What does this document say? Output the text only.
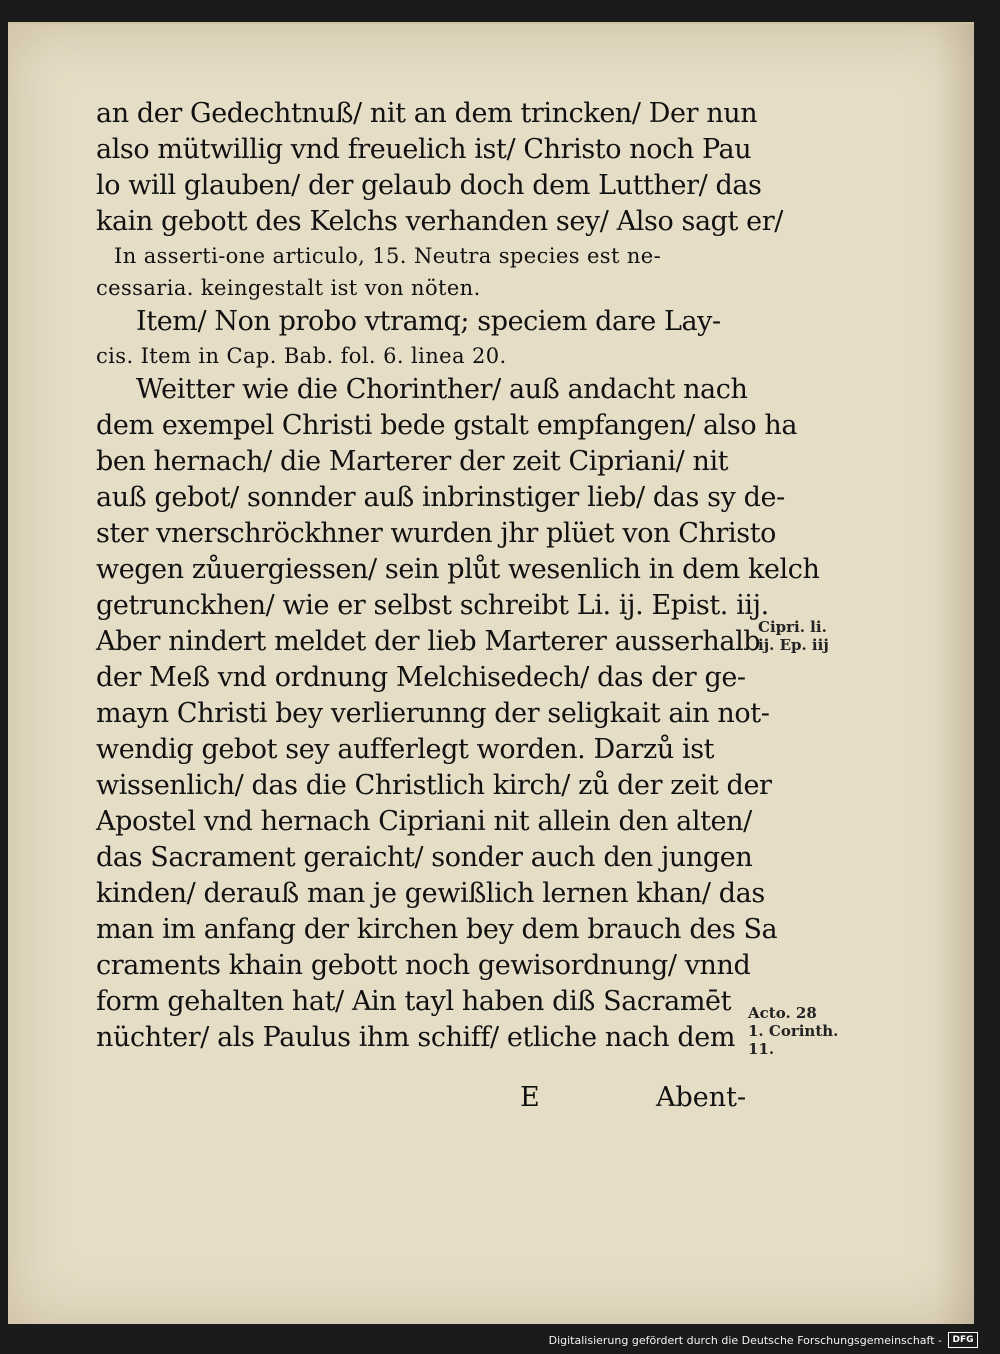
an der Gedechtnuß/ nit an dem trincken/ Der nun
also mütwillig vnd freuelich ist/ Christo noch Pau
lo will glauben/ der gelaub doch dem Lutther/ das
kain gebott des Kelchs verhanden sey/ Also sagt er/
In asserti-one articulo, 15. Neutra species est ne-
cessaria. keingestalt ist von nöten.
Item/ Non probo vtramq; speciem dare Lay-
cis. Item in Cap. Bab. fol. 6. linea 20.
Weitter wie die Chorinther/ auß andacht nach
dem exempel Christi bede gstalt empfangen/ also ha
ben hernach/ die Marterer der zeit Cipriani/ nit
auß gebot/ sonnder auß inbrinstiger lieb/ das sy de-
ster vnerschröckhner wurden jhr plüet von Christo
wegen zůuergiessen/ sein plůt wesenlich in dem kelch
getrunckhen/ wie er selbst schreibt Li. ij. Epist. iij.
Aber nindert meldet der lieb Marterer ausserhalb
der Meß vnd ordnung Melchisedech/ das der ge-
mayn Christi bey verlierunng der seligkait ain not-
wendig gebot sey aufferlegt worden. Darzů ist
wissenlich/ das die Christlich kirch/ zů der zeit der
Apostel vnd hernach Cipriani nit allein den alten/
das Sacrament geraicht/ sonder auch den jungen
kinden/ derauß man je gewißlich lernen khan/ das
man im anfang der kirchen bey dem brauch des Sa
craments khain gebott noch gewisordnung/ vnnd
form gehalten hat/ Ain tayl haben diß Sacramēt
nüchter/ als Paulus ihm schiff/ etliche nach dem
Cipri. li.
ij. Ep. iij
Acto. 28
1. Corinth.
11.
E	Abent-
Digitalisierung gefördert durch die Deutsche Forschungsgemeinschaft -	DFG
